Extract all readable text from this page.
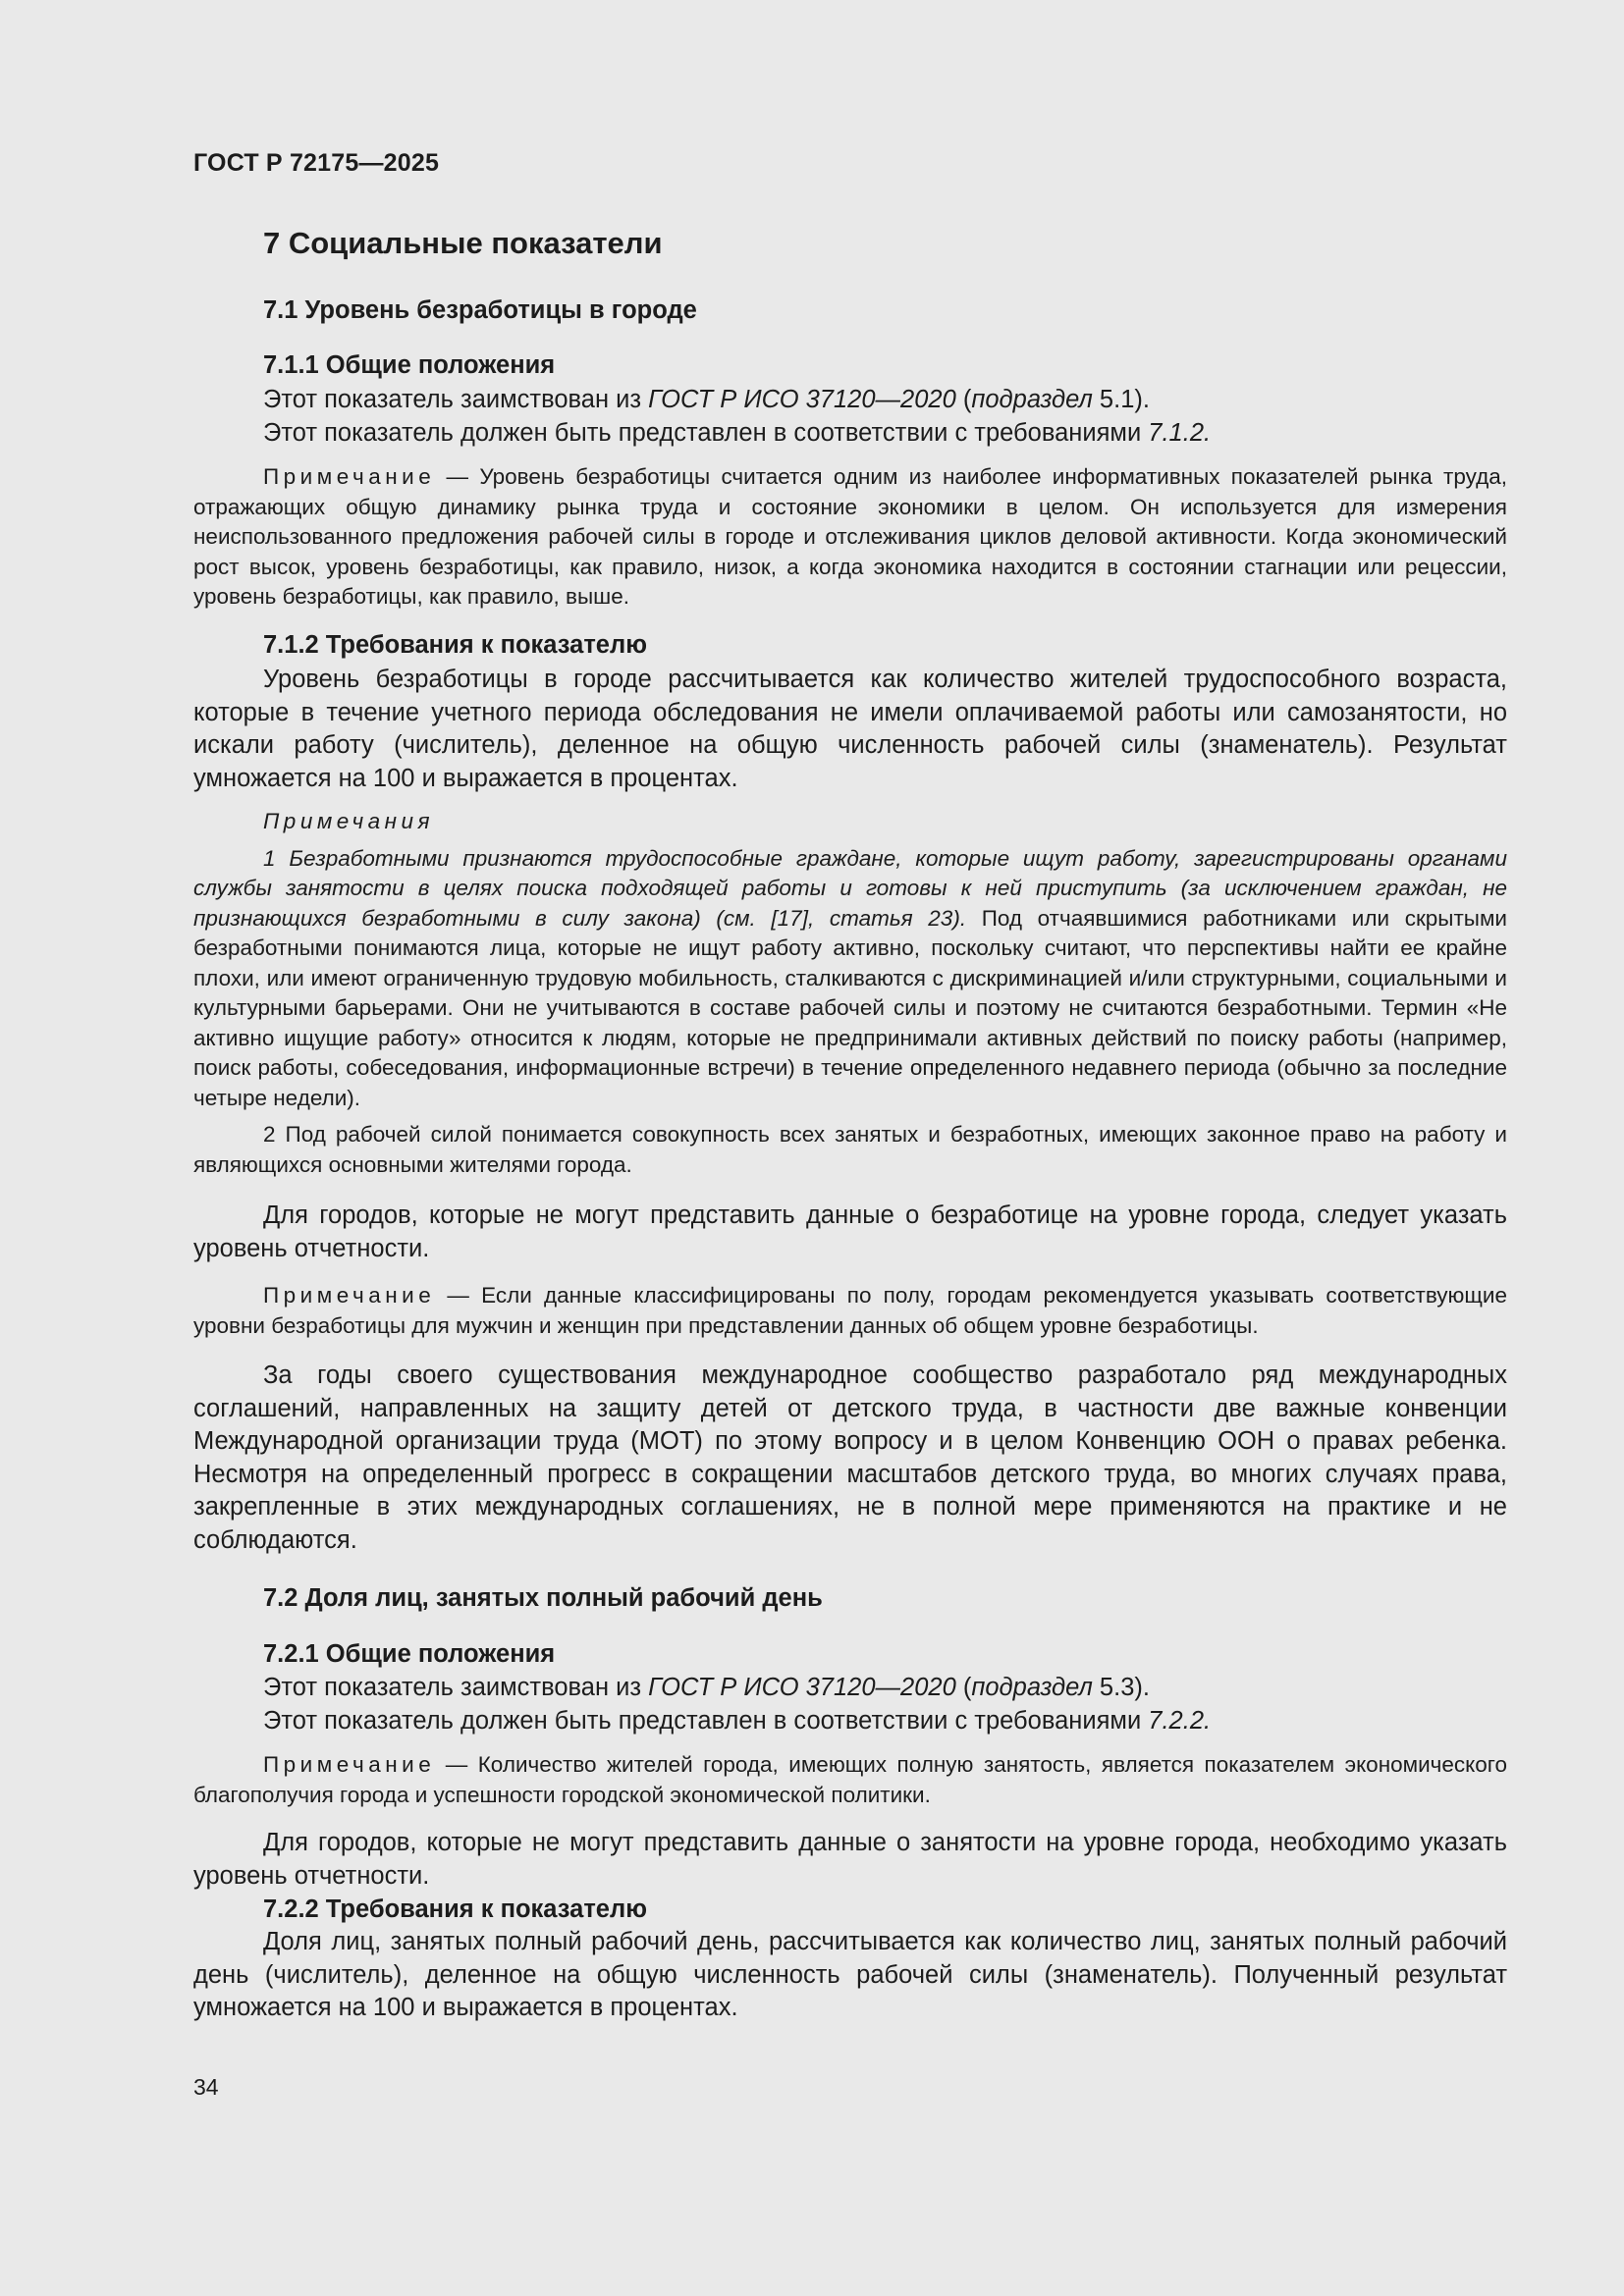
ГОСТ Р 72175—2025
7 Социальные показатели
7.1 Уровень безработицы в городе
7.1.1 Общие положения

Этот показатель заимствован из ГОСТ Р ИСО 37120—2020 (подраздел 5.1).

Этот показатель должен быть представлен в соответствии с требованиями 7.1.2.

Примечание — Уровень безработицы считается одним из наиболее информативных показателей рынка труда, отражающих общую динамику рынка труда и состояние экономики в целом. Он используется для измерения неиспользованного предложения рабочей силы в городе и отслеживания циклов деловой активности. Когда экономический рост высок, уровень безработицы, как правило, низок, а когда экономика находится в состоянии стагнации или рецессии, уровень безработицы, как правило, выше.

7.1.2 Требования к показателю

Уровень безработицы в городе рассчитывается как количество жителей трудоспособного возраста, которые в течение учетного периода обследования не имели оплачиваемой работы или самозанятости, но искали работу (числитель), деленное на общую численность рабочей силы (знаменатель). Результат умножается на 100 и выражается в процентах.

Примечания

1 Безработными признаются трудоспособные граждане, которые ищут работу, зарегистрированы органами службы занятости в целях поиска подходящей работы и готовы к ней приступить (за исключением граждан, не признающихся безработными в силу закона) (см. [17], статья 23). Под отчаявшимися работниками или скрытыми безработными понимаются лица, которые не ищут работу активно, поскольку считают, что перспективы найти ее крайне плохи, или имеют ограниченную трудовую мобильность, сталкиваются с дискриминацией и/или структурными, социальными и культурными барьерами. Они не учитываются в составе рабочей силы и поэтому не считаются безработными. Термин «Не активно ищущие работу» относится к людям, которые не предпринимали активных действий по поиску работы (например, поиск работы, собеседования, информационные встречи) в течение определенного недавнего периода (обычно за последние четыре недели).

2 Под рабочей силой понимается совокупность всех занятых и безработных, имеющих законное право на работу и являющихся основными жителями города.

Для городов, которые не могут представить данные о безработице на уровне города, следует указать уровень отчетности.

Примечание — Если данные классифицированы по полу, городам рекомендуется указывать соответствующие уровни безработицы для мужчин и женщин при представлении данных об общем уровне безработицы.

За годы своего существования международное сообщество разработало ряд международных соглашений, направленных на защиту детей от детского труда, в частности две важные конвенции Международной организации труда (МОТ) по этому вопросу и в целом Конвенцию ООН о правах ребенка. Несмотря на определенный прогресс в сокращении масштабов детского труда, во многих случаях права, закрепленные в этих международных соглашениях, не в полной мере применяются на практике и не соблюдаются.

7.2 Доля лиц, занятых полный рабочий день
7.2.1 Общие положения

Этот показатель заимствован из ГОСТ Р ИСО 37120—2020 (подраздел 5.3).

Этот показатель должен быть представлен в соответствии с требованиями 7.2.2.

Примечание — Количество жителей города, имеющих полную занятость, является показателем экономического благополучия города и успешности городской экономической политики.

Для городов, которые не могут представить данные о занятости на уровне города, необходимо указать уровень отчетности.

7.2.2 Требования к показателю

Доля лиц, занятых полный рабочий день, рассчитывается как количество лиц, занятых полный рабочий день (числитель), деленное на общую численность рабочей силы (знаменатель). Полученный результат умножается на 100 и выражается в процентах.

34
